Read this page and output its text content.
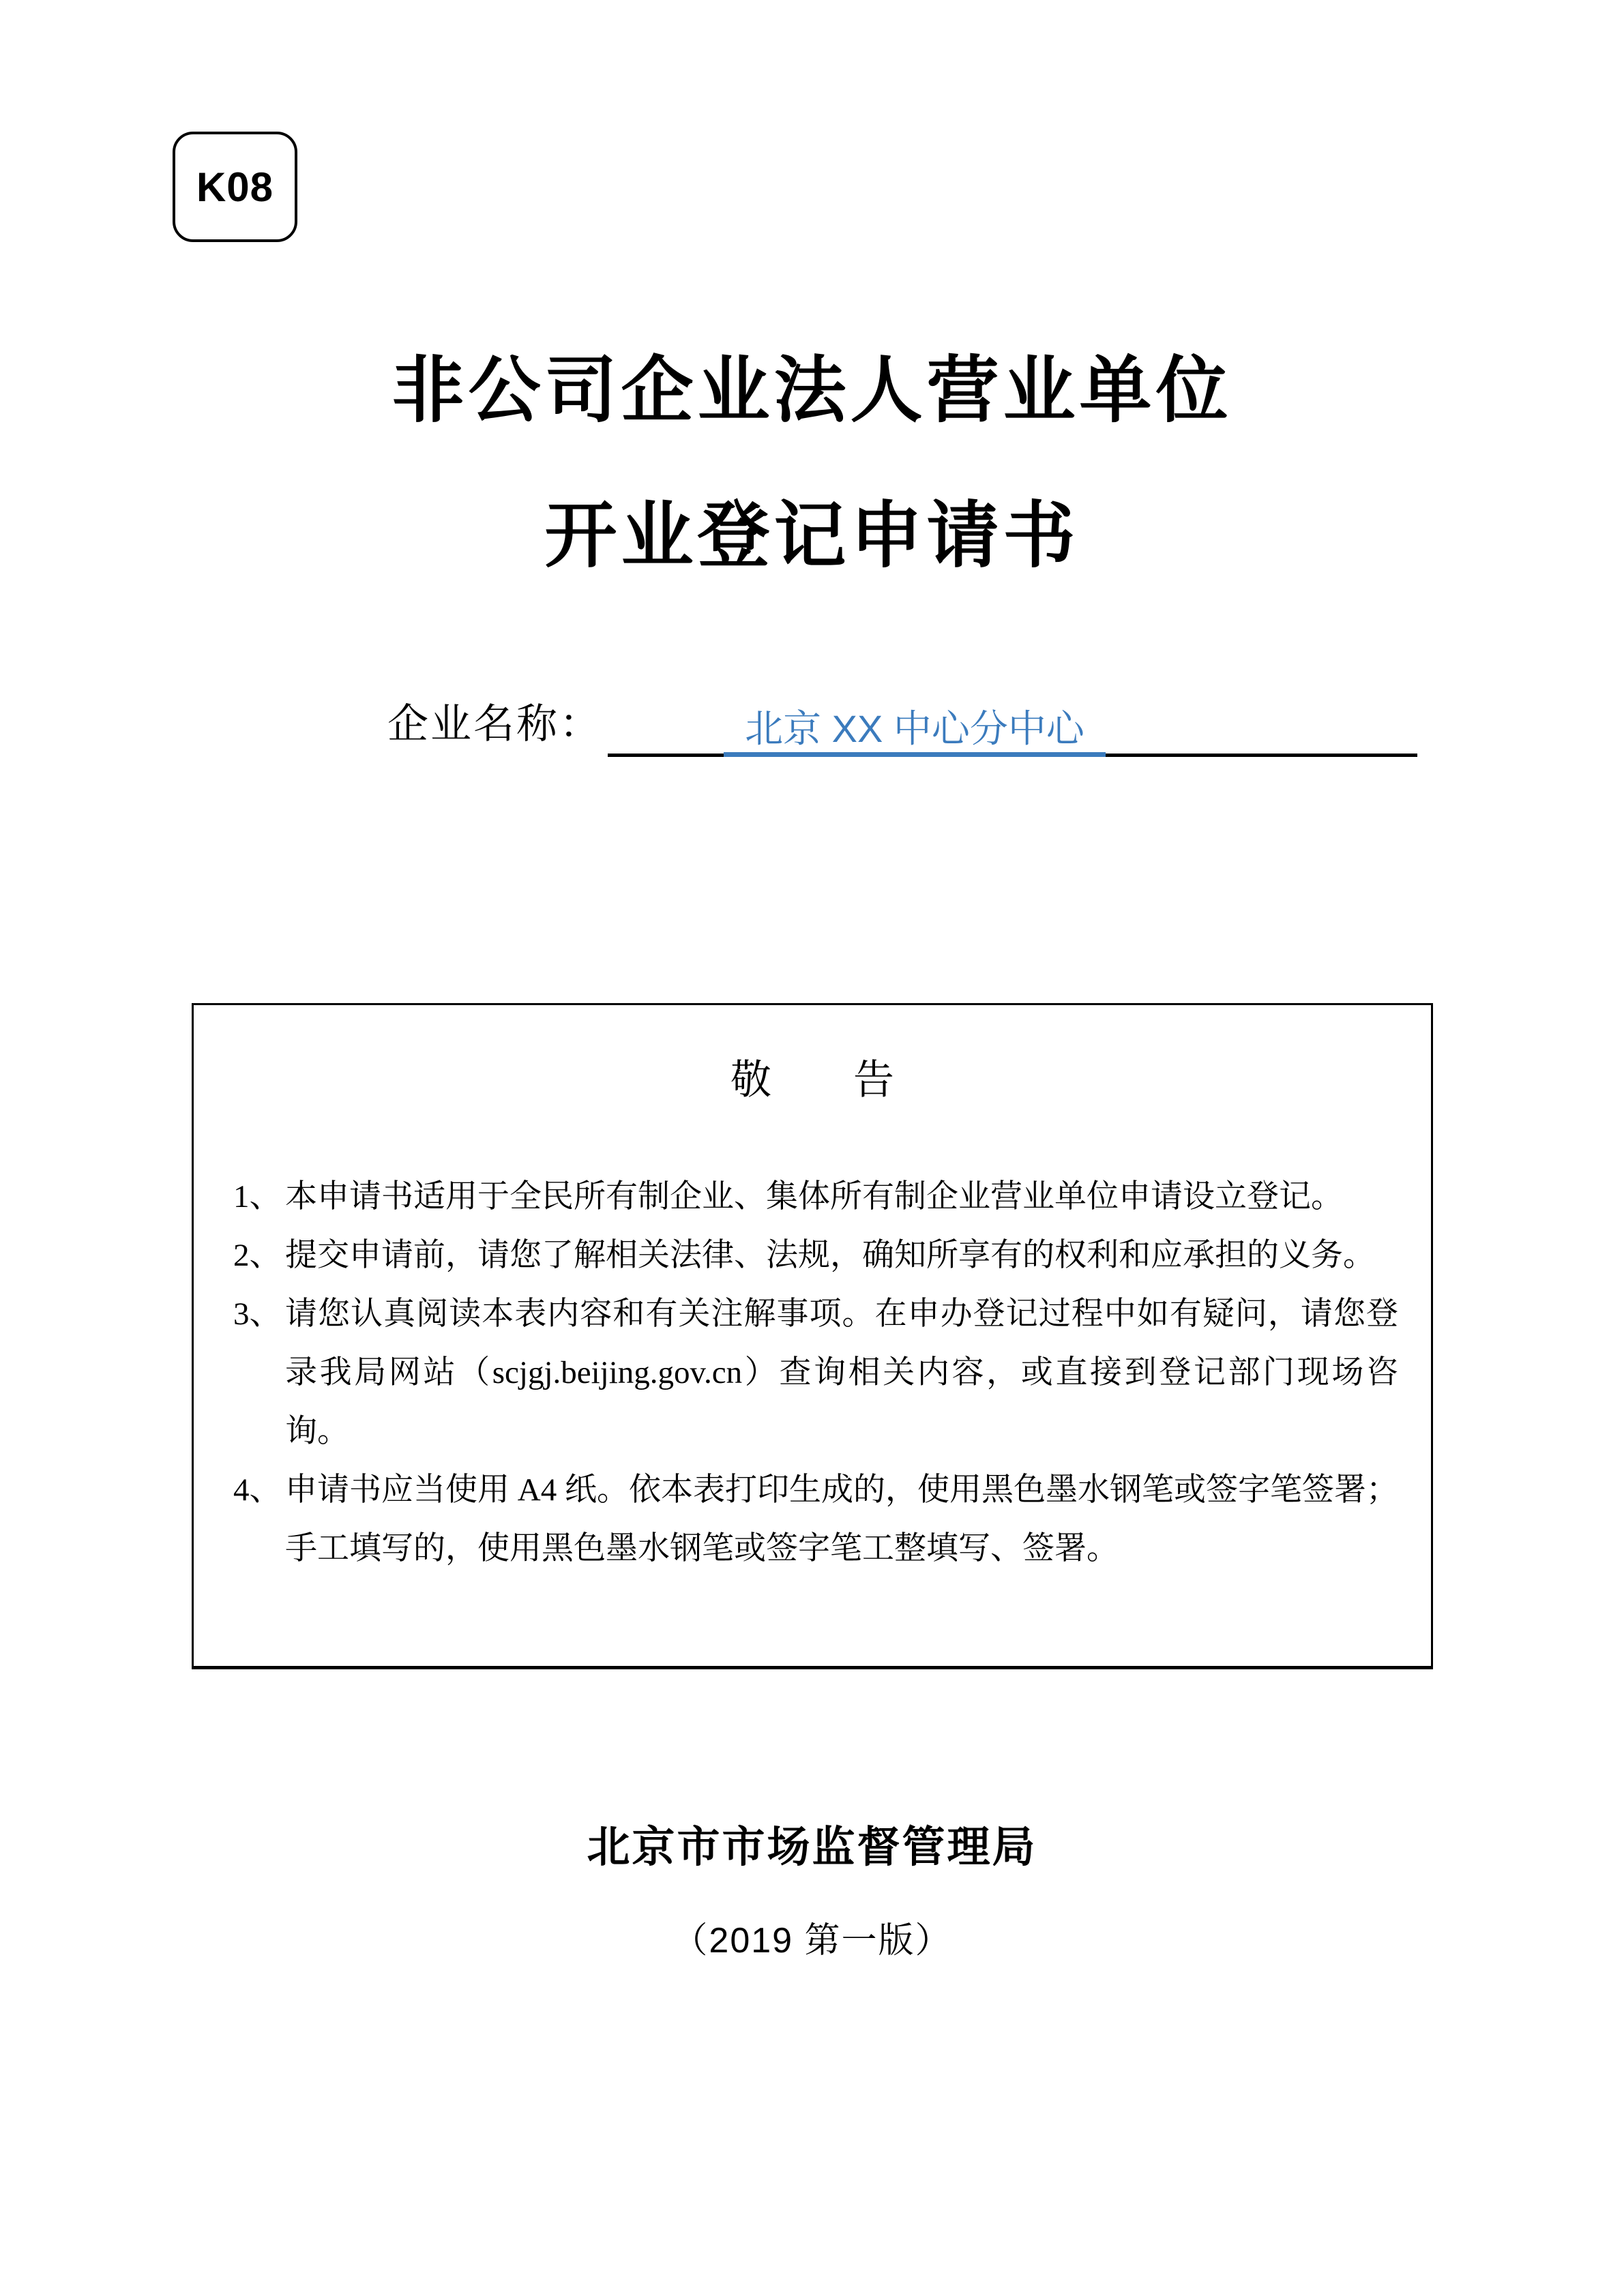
K08
非公司企业法人营业单位
开业登记申请书
企业名称：	北京 XX 中心分中心
敬　　告
1、 本申请书适用于全民所有制企业、集体所有制企业营业单位申请设立登记。
2、 提交申请前，请您了解相关法律、法规，确知所享有的权利和应承担的义务。
3、 请您认真阅读本表内容和有关注解事项。在申办登记过程中如有疑问，请您登录我局网站（scjgj.beijing.gov.cn）查询相关内容，或直接到登记部门现场咨询。
4、 申请书应当使用 A4 纸。依本表打印生成的，使用黑色墨水钢笔或签字笔签署；手工填写的，使用黑色墨水钢笔或签字笔工整填写、签署。
北京市市场监督管理局
（2019 第一版）
